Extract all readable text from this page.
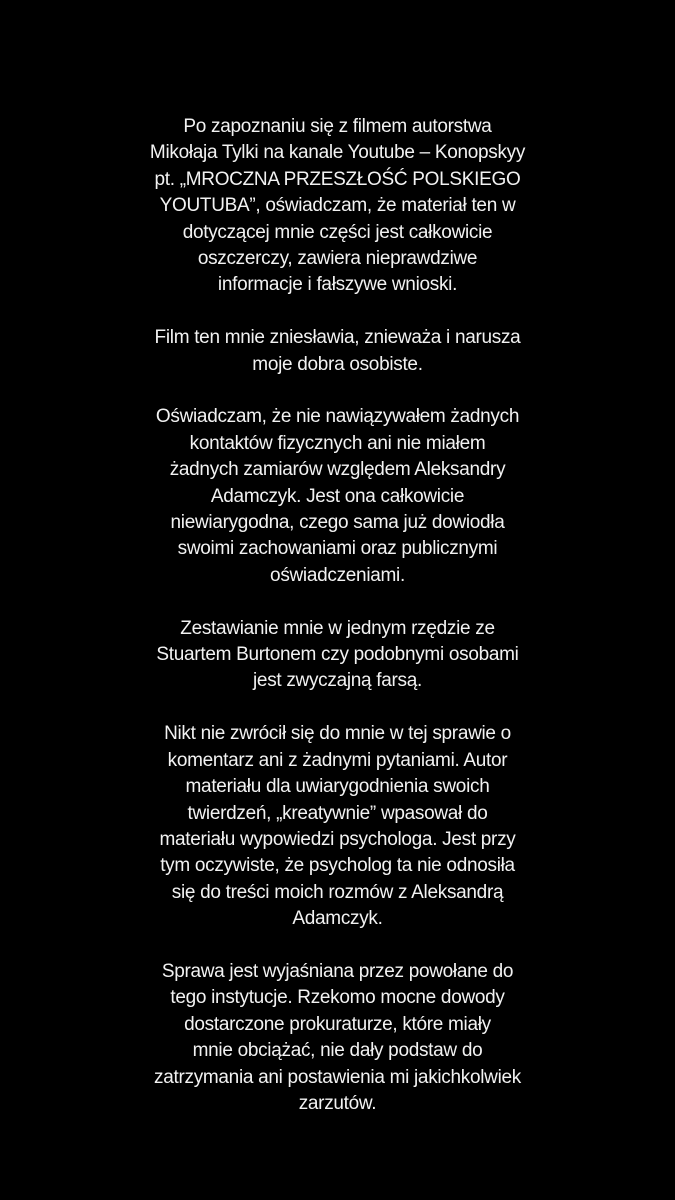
Po zapoznaniu się z filmem autorstwa
Mikołaja Tylki na kanale Youtube – Konopskyy
pt. „MROCZNA PRZESZŁOŚĆ POLSKIEGO
YOUTUBA”, oświadczam, że materiał ten w
dotyczącej mnie części jest całkowicie
oszczerczy, zawiera nieprawdziwe
informacje i fałszywe wnioski.

Film ten mnie zniesławia, znieważa i narusza
moje dobra osobiste.

Oświadczam, że nie nawiązywałem żadnych
kontaktów fizycznych ani nie miałem
żadnych zamiarów względem Aleksandry
Adamczyk. Jest ona całkowicie
niewiarygodna, czego sama już dowiodła
swoimi zachowaniami oraz publicznymi
oświadczeniami.

Zestawianie mnie w jednym rzędzie ze
Stuartem Burtonem czy podobnymi osobami
jest zwyczajną farsą.

Nikt nie zwrócił się do mnie w tej sprawie o
komentarz ani z żadnymi pytaniami. Autor
materiału dla uwiarygodnienia swoich
twierdzeń, „kreatywnie” wpasował do
materiału wypowiedzi psychologa. Jest przy
tym oczywiste, że psycholog ta nie odnosiła
się do treści moich rozmów z Aleksandrą
Adamczyk.

Sprawa jest wyjaśniana przez powołane do
tego instytucje. Rzekomo mocne dowody
dostarczone prokuraturze, które miały
mnie obciążać, nie dały podstaw do
zatrzymania ani postawienia mi jakichkolwiek
zarzutów.
